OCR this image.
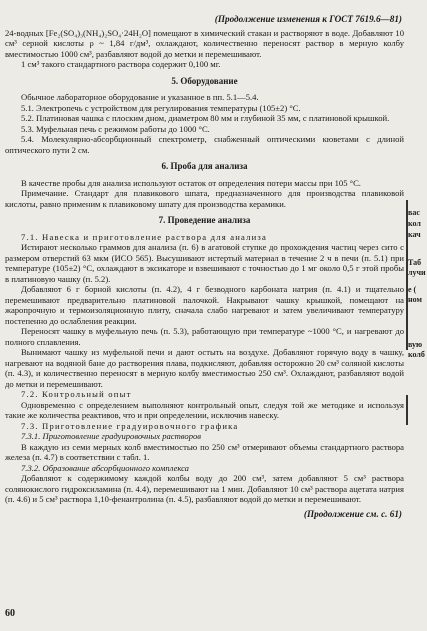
(Продолжение изменения к ГОСТ 7619.6—81)

24-водных [Fe₂(SO₄)₃(NH₄)₂SO₄·24H₂O] помещают в химический стакан и растворяют в воде. Добавляют 10 см³ серной кислоты ρ ~ 1,84 г/дм³, охлаждают, количественно переносят раствор в мерную колбу вместимостью 1000 см³, разбавляют водой до метки и перемешивают.

1 см³ такого стандартного раствора содержит 0,100 мг.

5. Оборудование

Обычное лабораторное оборудование и указанное в пп. 5.1—5.4.

5.1. Электропечь с устройством для регулирования температуры (105±2) °С.

5.2. Платиновая чашка с плоским дном, диаметром 80 мм и глубиной 35 мм, с платиновой крышкой.

5.3. Муфельная печь с режимом работы до 1000 °С.

5.4. Молекулярно-абсорбционный спектрометр, снабженный оптическими кюветами с длиной оптического пути 2 см.

6. Проба для анализа

В качестве пробы для анализа используют остаток от определения потери массы при 105 °С.

Примечание. Стандарт для плавикового шпата, предназначенного для производства плавиковой кислоты, равно применим к плавиковому шпату для производства керамики.

7. Проведение анализа

7.1. Навеска и приготовление раствора для анализа

Истирают несколько граммов для анализа (п. 6) в агатовой ступке до прохождения частиц через сито с размером отверстий 63 мкм (ИСО 565). Высушивают истертый материал в течение 2 ч в печи (п. 5.1) при температуре (105±2) °С, охлаждают в эксикаторе и взвешивают с точностью до 1 мг около 0,5 г этой пробы в платиновую чашку (п. 5.2).

Добавляют 6 г борной кислоты (п. 4.2), 4 г безводного карбоната натрия (п. 4.1) и тщательно перемешивают предварительно платиновой палочкой. Накрывают чашку крышкой, помещают на жаропрочную и термоизоляционную плиту, сначала слабо нагревают и затем увеличивают температуру постепенно до ослабления реакции.

Переносят чашку в муфельную печь (п. 5.3), работающую при температуре ~1000 °С, и нагревают до полного сплавления.

Вынимают чашку из муфельной печи и дают остыть на воздухе. Добавляют горячую воду в чашку, нагревают на водяной бане до растворения плава, подкисляют, добавляя осторожно 20 см³ соляной кислоты (п. 4.3), и количественно переносят в мерную колбу вместимостью 250 см³. Охлаждают, разбавляют водой до метки и перемешивают.

7.2. Контрольный опыт

Одновременно с определением выполняют контрольный опыт, следуя той же методике и используя такие же количества реактивов, что и при определении, исключив навеску.

7.3. Приготовление градуировочного графика

7.3.1. Приготовление градуировочных растворов

В каждую из семи мерных колб вместимостью по 250 см³ отмеривают объемы стандартного раствора железа (п. 4.7) в соответствии с табл. 1.

7.3.2. Образование абсорбционного комплекса

Добавляют к содержимому каждой колбы воду до 200 см³, затем добавляют 5 см³ раствора солянокислого гидроксиламина (п. 4.4), перемешивают на 1 мин. Добавляют 10 см³ раствора ацетата натрия (п. 4.6) и 5 см³ раствора 1,10-фенантролина (п. 4.5), разбавляют водой до метки и перемешивают.

(Продолжение см. с. 61)
60
вас
кол
кач
Таб
лучи
е (
ном
вую
колб
